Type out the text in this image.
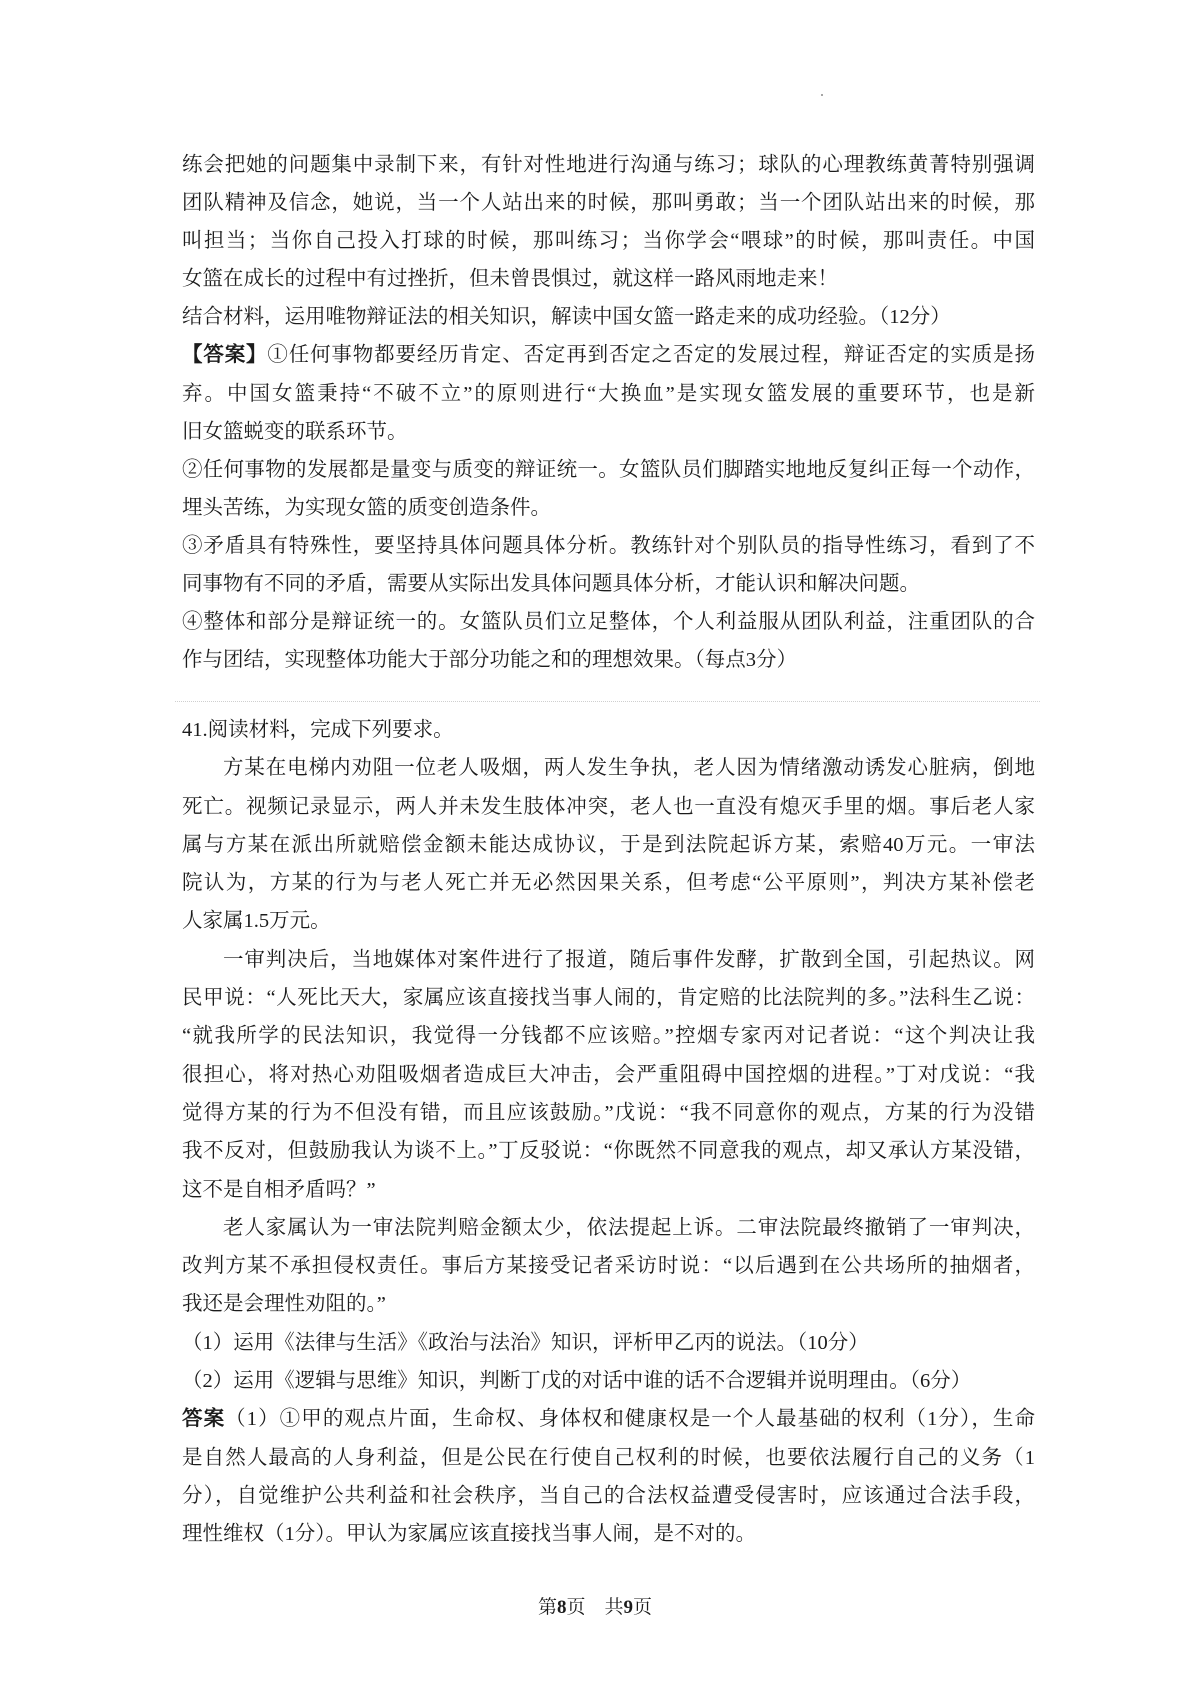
练会把她的问题集中录制下来，有针对性地进行沟通与练习；球队的心理教练黄菁特别强调
团队精神及信念，她说，当一个人站出来的时候，那叫勇敢；当一个团队站出来的时候，那
叫担当；当你自己投入打球的时候，那叫练习；当你学会“喂球”的时候，那叫责任。中国
女篮在成长的过程中有过挫折，但未曾畏惧过，就这样一路风雨地走来！
结合材料，运用唯物辩证法的相关知识，解读中国女篮一路走来的成功经验。（12分）
【答案】①任何事物都要经历肯定、否定再到否定之否定的发展过程，辩证否定的实质是扬
弃。中国女篮秉持“不破不立”的原则进行“大换血”是实现女篮发展的重要环节，也是新
旧女篮蜕变的联系环节。
②任何事物的发展都是量变与质变的辩证统一。女篮队员们脚踏实地地反复纠正每一个动作，
埋头苦练，为实现女篮的质变创造条件。
③矛盾具有特殊性，要坚持具体问题具体分析。教练针对个别队员的指导性练习，看到了不
同事物有不同的矛盾，需要从实际出发具体问题具体分析，才能认识和解决问题。
④整体和部分是辩证统一的。女篮队员们立足整体，个人利益服从团队利益，注重团队的合
作与团结，实现整体功能大于部分功能之和的理想效果。（每点3分）
41.阅读材料，完成下列要求。
方某在电梯内劝阻一位老人吸烟，两人发生争执，老人因为情绪激动诱发心脏病，倒地
死亡。视频记录显示，两人并未发生肢体冲突，老人也一直没有熄灭手里的烟。事后老人家
属与方某在派出所就赔偿金额未能达成协议，于是到法院起诉方某，索赔40万元。一审法
院认为，方某的行为与老人死亡并无必然因果关系，但考虑“公平原则”，判决方某补偿老
人家属1.5万元。
一审判决后，当地媒体对案件进行了报道，随后事件发酵，扩散到全国，引起热议。网
民甲说：“人死比天大，家属应该直接找当事人闹的，肯定赔的比法院判的多。”法科生乙说：
“就我所学的民法知识，我觉得一分钱都不应该赔。”控烟专家丙对记者说：“这个判决让我
很担心，将对热心劝阻吸烟者造成巨大冲击，会严重阻碍中国控烟的进程。”丁对戊说：“我
觉得方某的行为不但没有错，而且应该鼓励。”戊说：“我不同意你的观点，方某的行为没错
我不反对，但鼓励我认为谈不上。”丁反驳说：“你既然不同意我的观点，却又承认方某没错，
这不是自相矛盾吗？”
老人家属认为一审法院判赔金额太少，依法提起上诉。二审法院最终撤销了一审判决，
改判方某不承担侵权责任。事后方某接受记者采访时说：“以后遇到在公共场所的抽烟者，
我还是会理性劝阻的。”
（1）运用《法律与生活》《政治与法治》知识，评析甲乙丙的说法。（10分）
（2）运用《逻辑与思维》知识，判断丁戊的对话中谁的话不合逻辑并说明理由。（6分）
答案（1）①甲的观点片面，生命权、身体权和健康权是一个人最基础的权利（1分），生命
是自然人最高的人身利益，但是公民在行使自己权利的时候，也要依法履行自己的义务（1
分），自觉维护公共利益和社会秩序，当自己的合法权益遭受侵害时，应该通过合法手段，
理性维权（1分）。甲认为家属应该直接找当事人闹，是不对的。
第8页　共9页
